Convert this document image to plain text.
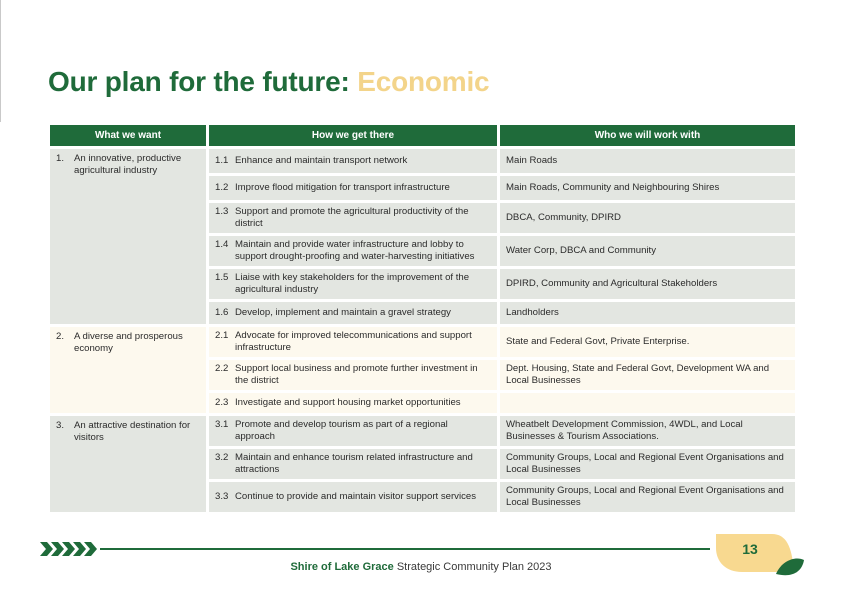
Our plan for the future: Economic
What we want	How we get there	Who we will work with
1. An innovative, productive agricultural industry	1.1 Enhance and maintain transport network	Main Roads
	1.2 Improve flood mitigation for transport infrastructure	Main Roads, Community and Neighbouring Shires
	1.3 Support and promote the agricultural productivity of the district	DBCA, Community, DPIRD
	1.4 Maintain and provide water infrastructure and lobby to support drought-proofing and water-harvesting initiatives	Water Corp, DBCA and Community
	1.5 Liaise with key stakeholders for the improvement of the agricultural industry	DPIRD, Community and Agricultural Stakeholders
	1.6 Develop, implement and maintain a gravel strategy	Landholders
2. A diverse and prosperous economy	2.1 Advocate for improved telecommunications and support infrastructure	State and Federal Govt, Private Enterprise.
	2.2 Support local business and promote further investment in the district	Dept. Housing, State and Federal Govt, Development WA and Local Businesses
	2.3 Investigate and support housing market opportunities	
3. An attractive destination for visitors	3.1 Promote and develop tourism as part of a regional approach	Wheatbelt Development Commission, 4WDL, and Local Businesses & Tourism Associations.
	3.2 Maintain and enhance tourism related infrastructure and attractions	Community Groups, Local and Regional Event Organisations and Local Businesses
	3.3 Continue to provide and maintain visitor support services	Community Groups, Local and Regional Event Organisations and Local Businesses
13
Shire of Lake Grace Strategic Community Plan 2023
